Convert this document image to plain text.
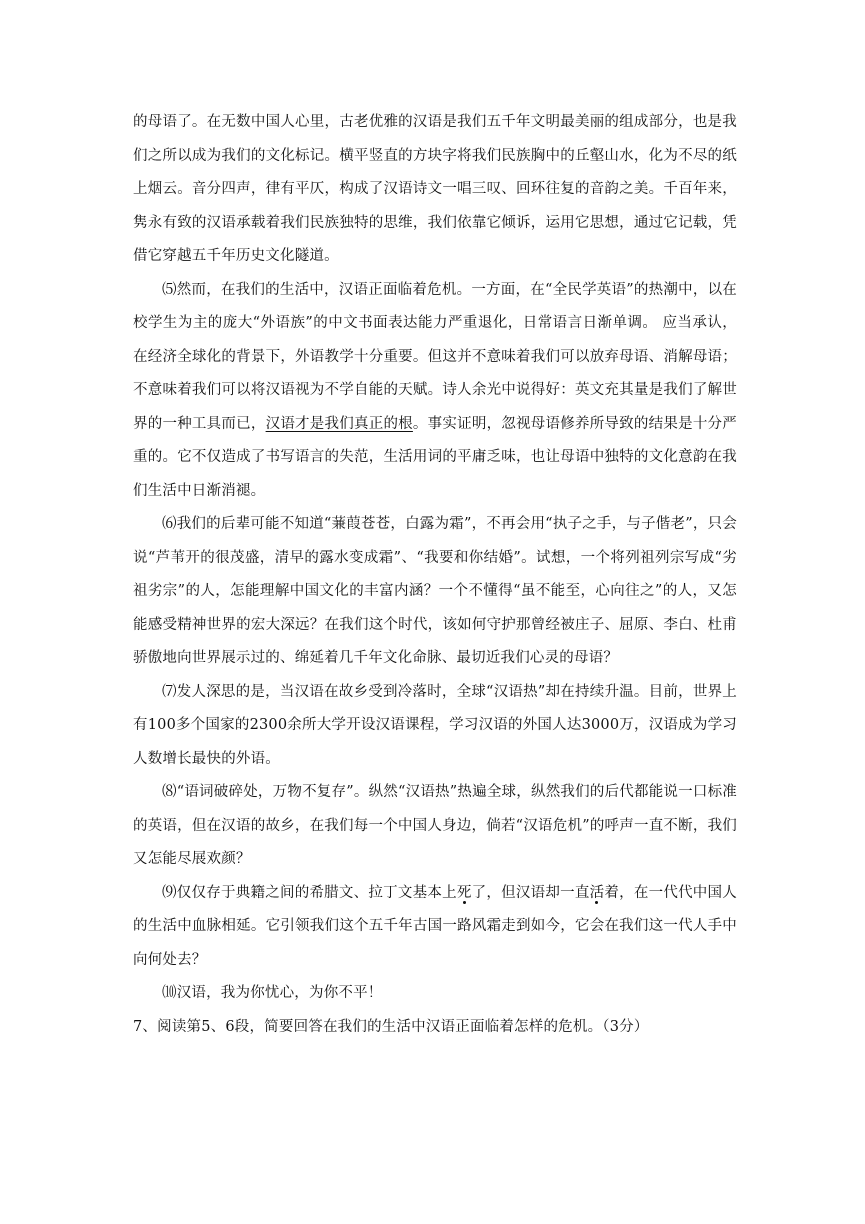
的母语了。在无数中国人心里，古老优雅的汉语是我们五千年文明最美丽的组成部分，也是我们之所以成为我们的文化标记。横平竖直的方块字将我们民族胸中的丘壑山水，化为不尽的纸上烟云。音分四声，律有平仄，构成了汉语诗文一唱三叹、回环往复的音韵之美。千百年来，隽永有致的汉语承载着我们民族独特的思维，我们依靠它倾诉，运用它思想，通过它记载，凭借它穿越五千年历史文化隧道。

⑸然而，在我们的生活中，汉语正面临着危机。一方面，在“全民学英语”的热潮中，以在校学生为主的庞大“外语族”的中文书面表达能力严重退化，日常语言日渐单调。 应当承认，在经济全球化的背景下，外语教学十分重要。但这并不意味着我们可以放弃母语、消解母语；不意味着我们可以将汉语视为不学自能的天赋。诗人余光中说得好：英文充其量是我们了解世界的一种工具而已，汉语才是我们真正的根。事实证明，忽视母语修养所导致的结果是十分严重的。它不仅造成了书写语言的失范，生活用词的平庸乏味，也让母语中独特的文化意韵在我们生活中日渐消褪。

⑹我们的后辈可能不知道“蒹葭苍苍，白露为霜”，不再会用“执子之手，与子偕老”，只会说“芦苇开的很茂盛，清早的露水变成霜”、“我要和你结婚”。试想，一个将列祖列宗写成“劣祖劣宗”的人，怎能理解中国文化的丰富内涵？一个不懂得“虽不能至，心向往之”的人，又怎能感受精神世界的宏大深远？在我们这个时代，该如何守护那曾经被庄子、屈原、李白、杜甫骄傲地向世界展示过的、绵延着几千年文化命脉、最切近我们心灵的母语？

⑺发人深思的是，当汉语在故乡受到冷落时，全球“汉语热”却在持续升温。目前，世界上有100多个国家的2300余所大学开设汉语课程，学习汉语的外国人达3000万，汉语成为学习人数增长最快的外语。

⑻“语词破碎处，万物不复存”。纵然“汉语热”热遍全球，纵然我们的后代都能说一口标准的英语，但在汉语的故乡，在我们每一个中国人身边，倘若“汉语危机”的呼声一直不断，我们又怎能尽展欢颜？

⑼仅仅存于典籍之间的希腊文、拉丁文基本上死了，但汉语却一直活着，在一代代中国人的生活中血脉相延。它引领我们这个五千年古国一路风霜走到如今，它会在我们这一代人手中向何处去？

⑽汉语，我为你忧心，为你不平！

7、阅读第5、6段，简要回答在我们的生活中汉语正面临着怎样的危机。（3分）
